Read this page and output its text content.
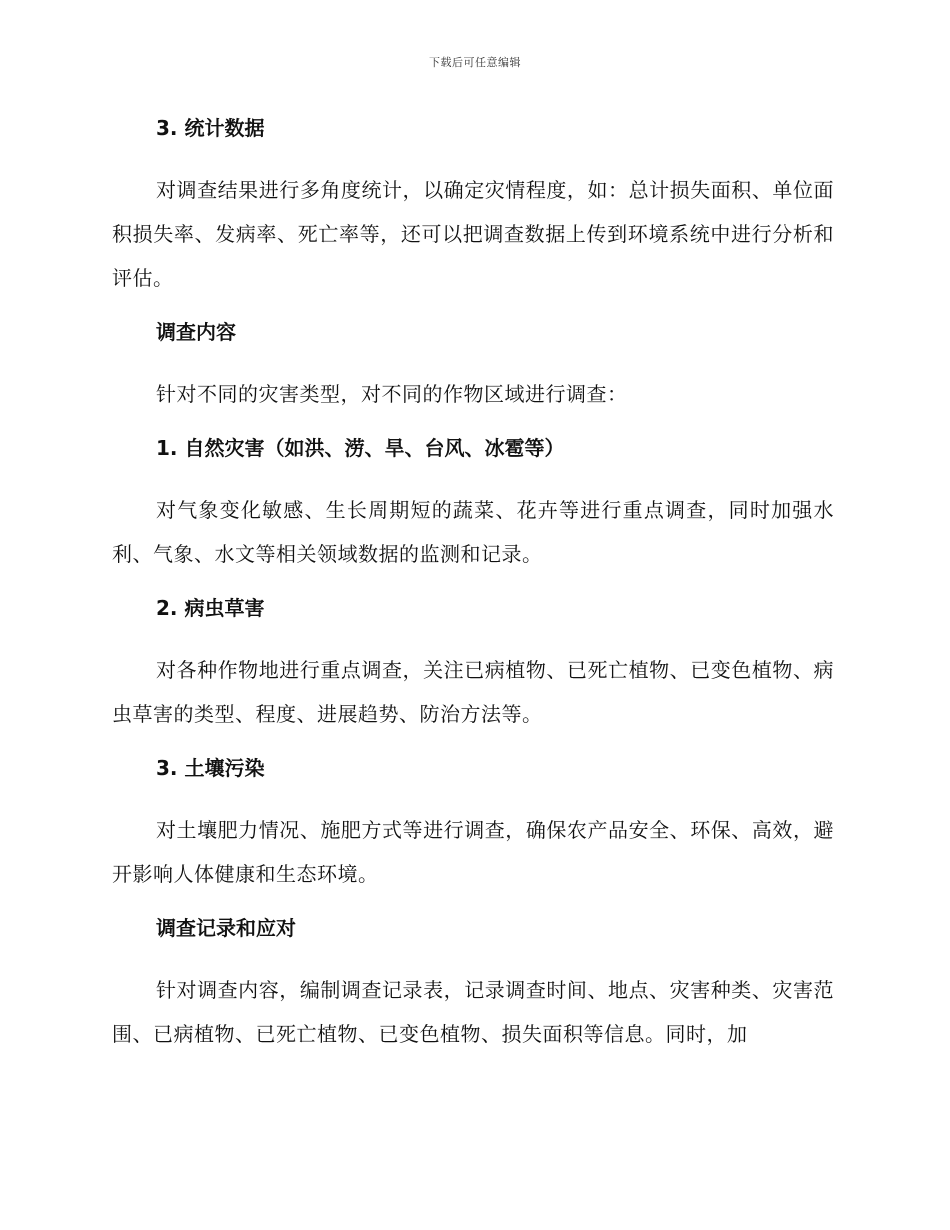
下载后可任意编辑
3. 统计数据

对调查结果进行多角度统计，以确定灾情程度，如：总计损失面积、单位面积损失率、发病率、死亡率等，还可以把调查数据上传到环境系统中进行分析和评估。

调查内容

针对不同的灾害类型，对不同的作物区域进行调查：

1. 自然灾害（如洪、涝、旱、台风、冰雹等）

对气象变化敏感、生长周期短的蔬菜、花卉等进行重点调查，同时加强水利、气象、水文等相关领域数据的监测和记录。

2. 病虫草害

对各种作物地进行重点调查，关注已病植物、已死亡植物、已变色植物、病虫草害的类型、程度、进展趋势、防治方法等。

3. 土壤污染

对土壤肥力情况、施肥方式等进行调查，确保农产品安全、环保、高效，避开影响人体健康和生态环境。

调查记录和应对

针对调查内容，编制调查记录表，记录调查时间、地点、灾害种类、灾害范围、已病植物、已死亡植物、已变色植物、损失面积等信息。同时，加
